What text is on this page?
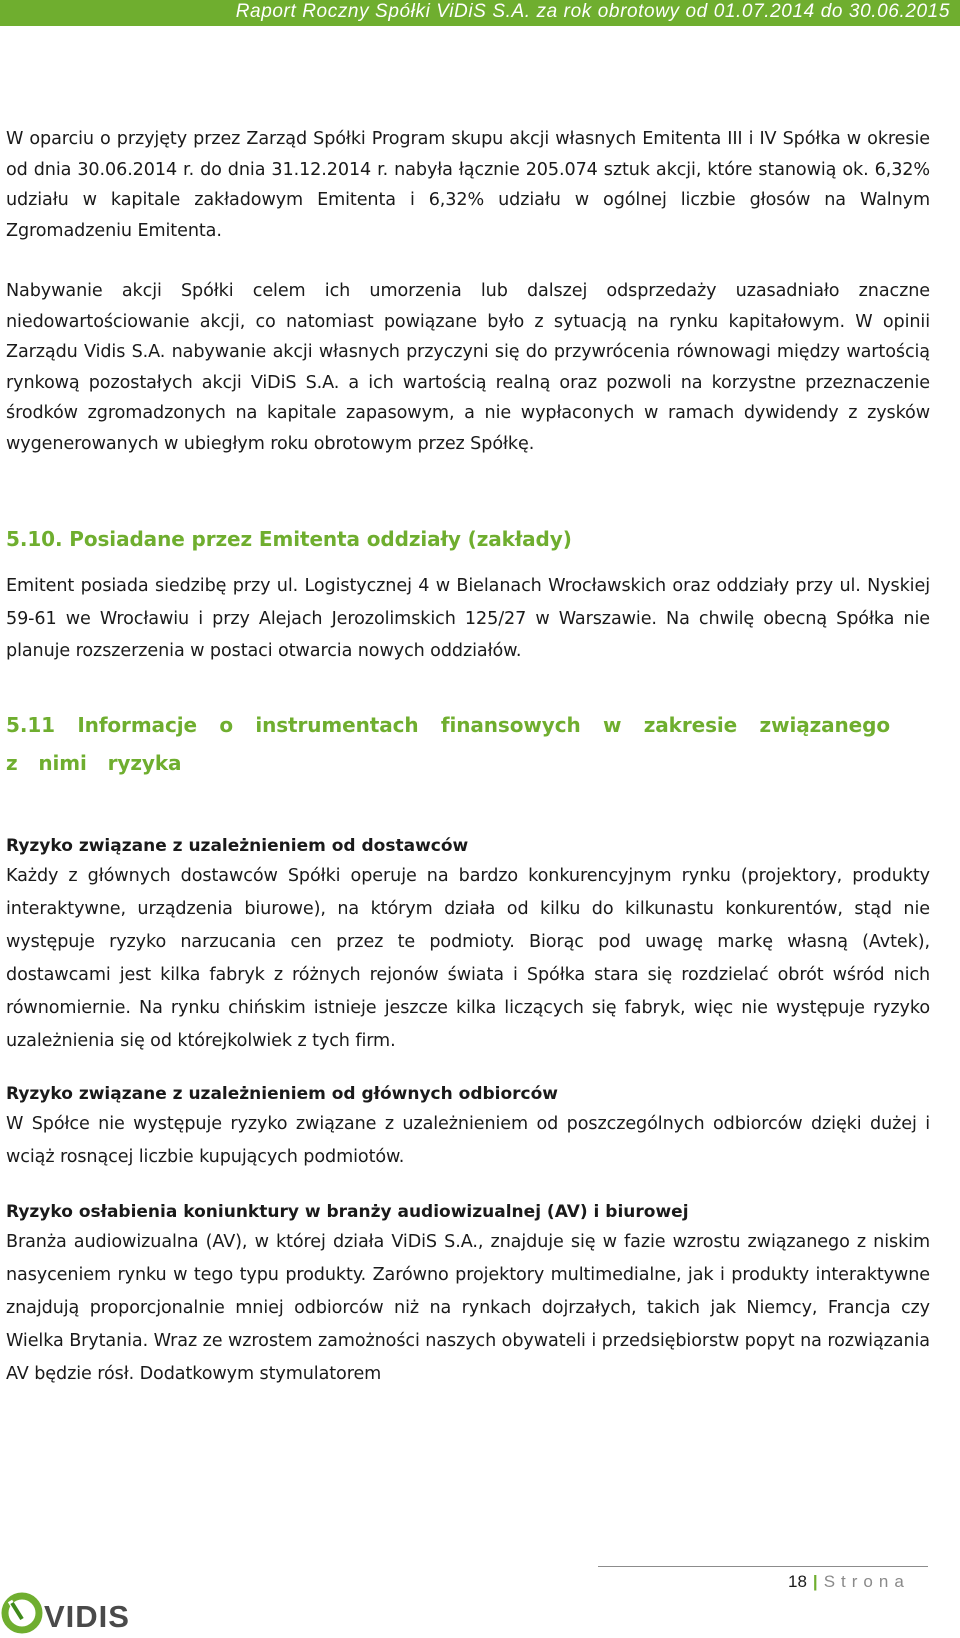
Raport Roczny Spółki ViDiS S.A. za rok obrotowy od 01.07.2014 do 30.06.2015

W oparciu o przyjęty przez Zarząd Spółki Program skupu akcji własnych Emitenta III i IV Spółka w okresie od dnia 30.06.2014 r. do dnia 31.12.2014 r. nabyła łącznie 205.074 sztuk akcji, które stanowią ok. 6,32% udziału w kapitale zakładowym Emitenta i 6,32% udziału w ogólnej liczbie głosów na Walnym Zgromadzeniu Emitenta.

Nabywanie akcji Spółki celem ich umorzenia lub dalszej odsprzedaży uzasadniało znaczne niedowartościowanie akcji, co natomiast powiązane było z sytuacją na rynku kapitałowym. W opinii Zarządu Vidis S.A. nabywanie akcji własnych przyczyni się do przywrócenia równowagi między wartością rynkową pozostałych akcji ViDiS S.A. a ich wartością realną oraz pozwoli na korzystne przeznaczenie środków zgromadzonych na kapitale zapasowym, a nie wypłaconych w ramach dywidendy z zysków wygenerowanych w ubiegłym roku obrotowym przez Spółkę.

5.10. Posiadane przez Emitenta oddziały (zakłady)

Emitent posiada siedzibę przy ul. Logistycznej 4 w Bielanach Wrocławskich oraz oddziały przy ul. Nyskiej 59-61 we Wrocławiu i przy Alejach Jerozolimskich 125/27 w Warszawie. Na chwilę obecną Spółka nie planuje rozszerzenia w postaci otwarcia nowych oddziałów.

5.11 Informacje o instrumentach finansowych w zakresie związanego z nimi ryzyka
Ryzyko związane z uzależnieniem od dostawców

Każdy z głównych dostawców Spółki operuje na bardzo konkurencyjnym rynku (projektory, produkty interaktywne, urządzenia biurowe), na którym działa od kilku do kilkunastu konkurentów, stąd nie występuje ryzyko narzucania cen przez te podmioty. Biorąc pod uwagę markę własną (Avtek), dostawcami jest kilka fabryk z różnych rejonów świata i Spółka stara się rozdzielać obrót wśród nich równomiernie. Na rynku chińskim istnieje jeszcze kilka liczących się fabryk, więc nie występuje ryzyko uzależnienia się od którejkolwiek z tych firm.

Ryzyko związane z uzależnieniem od głównych odbiorców

W Spółce nie występuje ryzyko związane z uzależnieniem od poszczególnych odbiorców dzięki dużej i wciąż rosnącej liczbie kupujących podmiotów.

Ryzyko osłabienia koniunktury w branży audiowizualnej (AV) i biurowej

Branża audiowizualna (AV), w której działa ViDiS S.A., znajduje się w fazie wzrostu związanego z niskim nasyceniem rynku w tego typu produkty. Zarówno projektory multimedialne, jak i produkty interaktywne znajdują proporcjonalnie mniej odbiorców niż na rynkach dojrzałych, takich jak Niemcy, Francja czy Wielka Brytania. Wraz ze wzrostem zamożności naszych obywateli i przedsiębiorstw popyt na rozwiązania AV będzie rósł. Dodatkowym stymulatorem

18 | Strona
VIDIS
